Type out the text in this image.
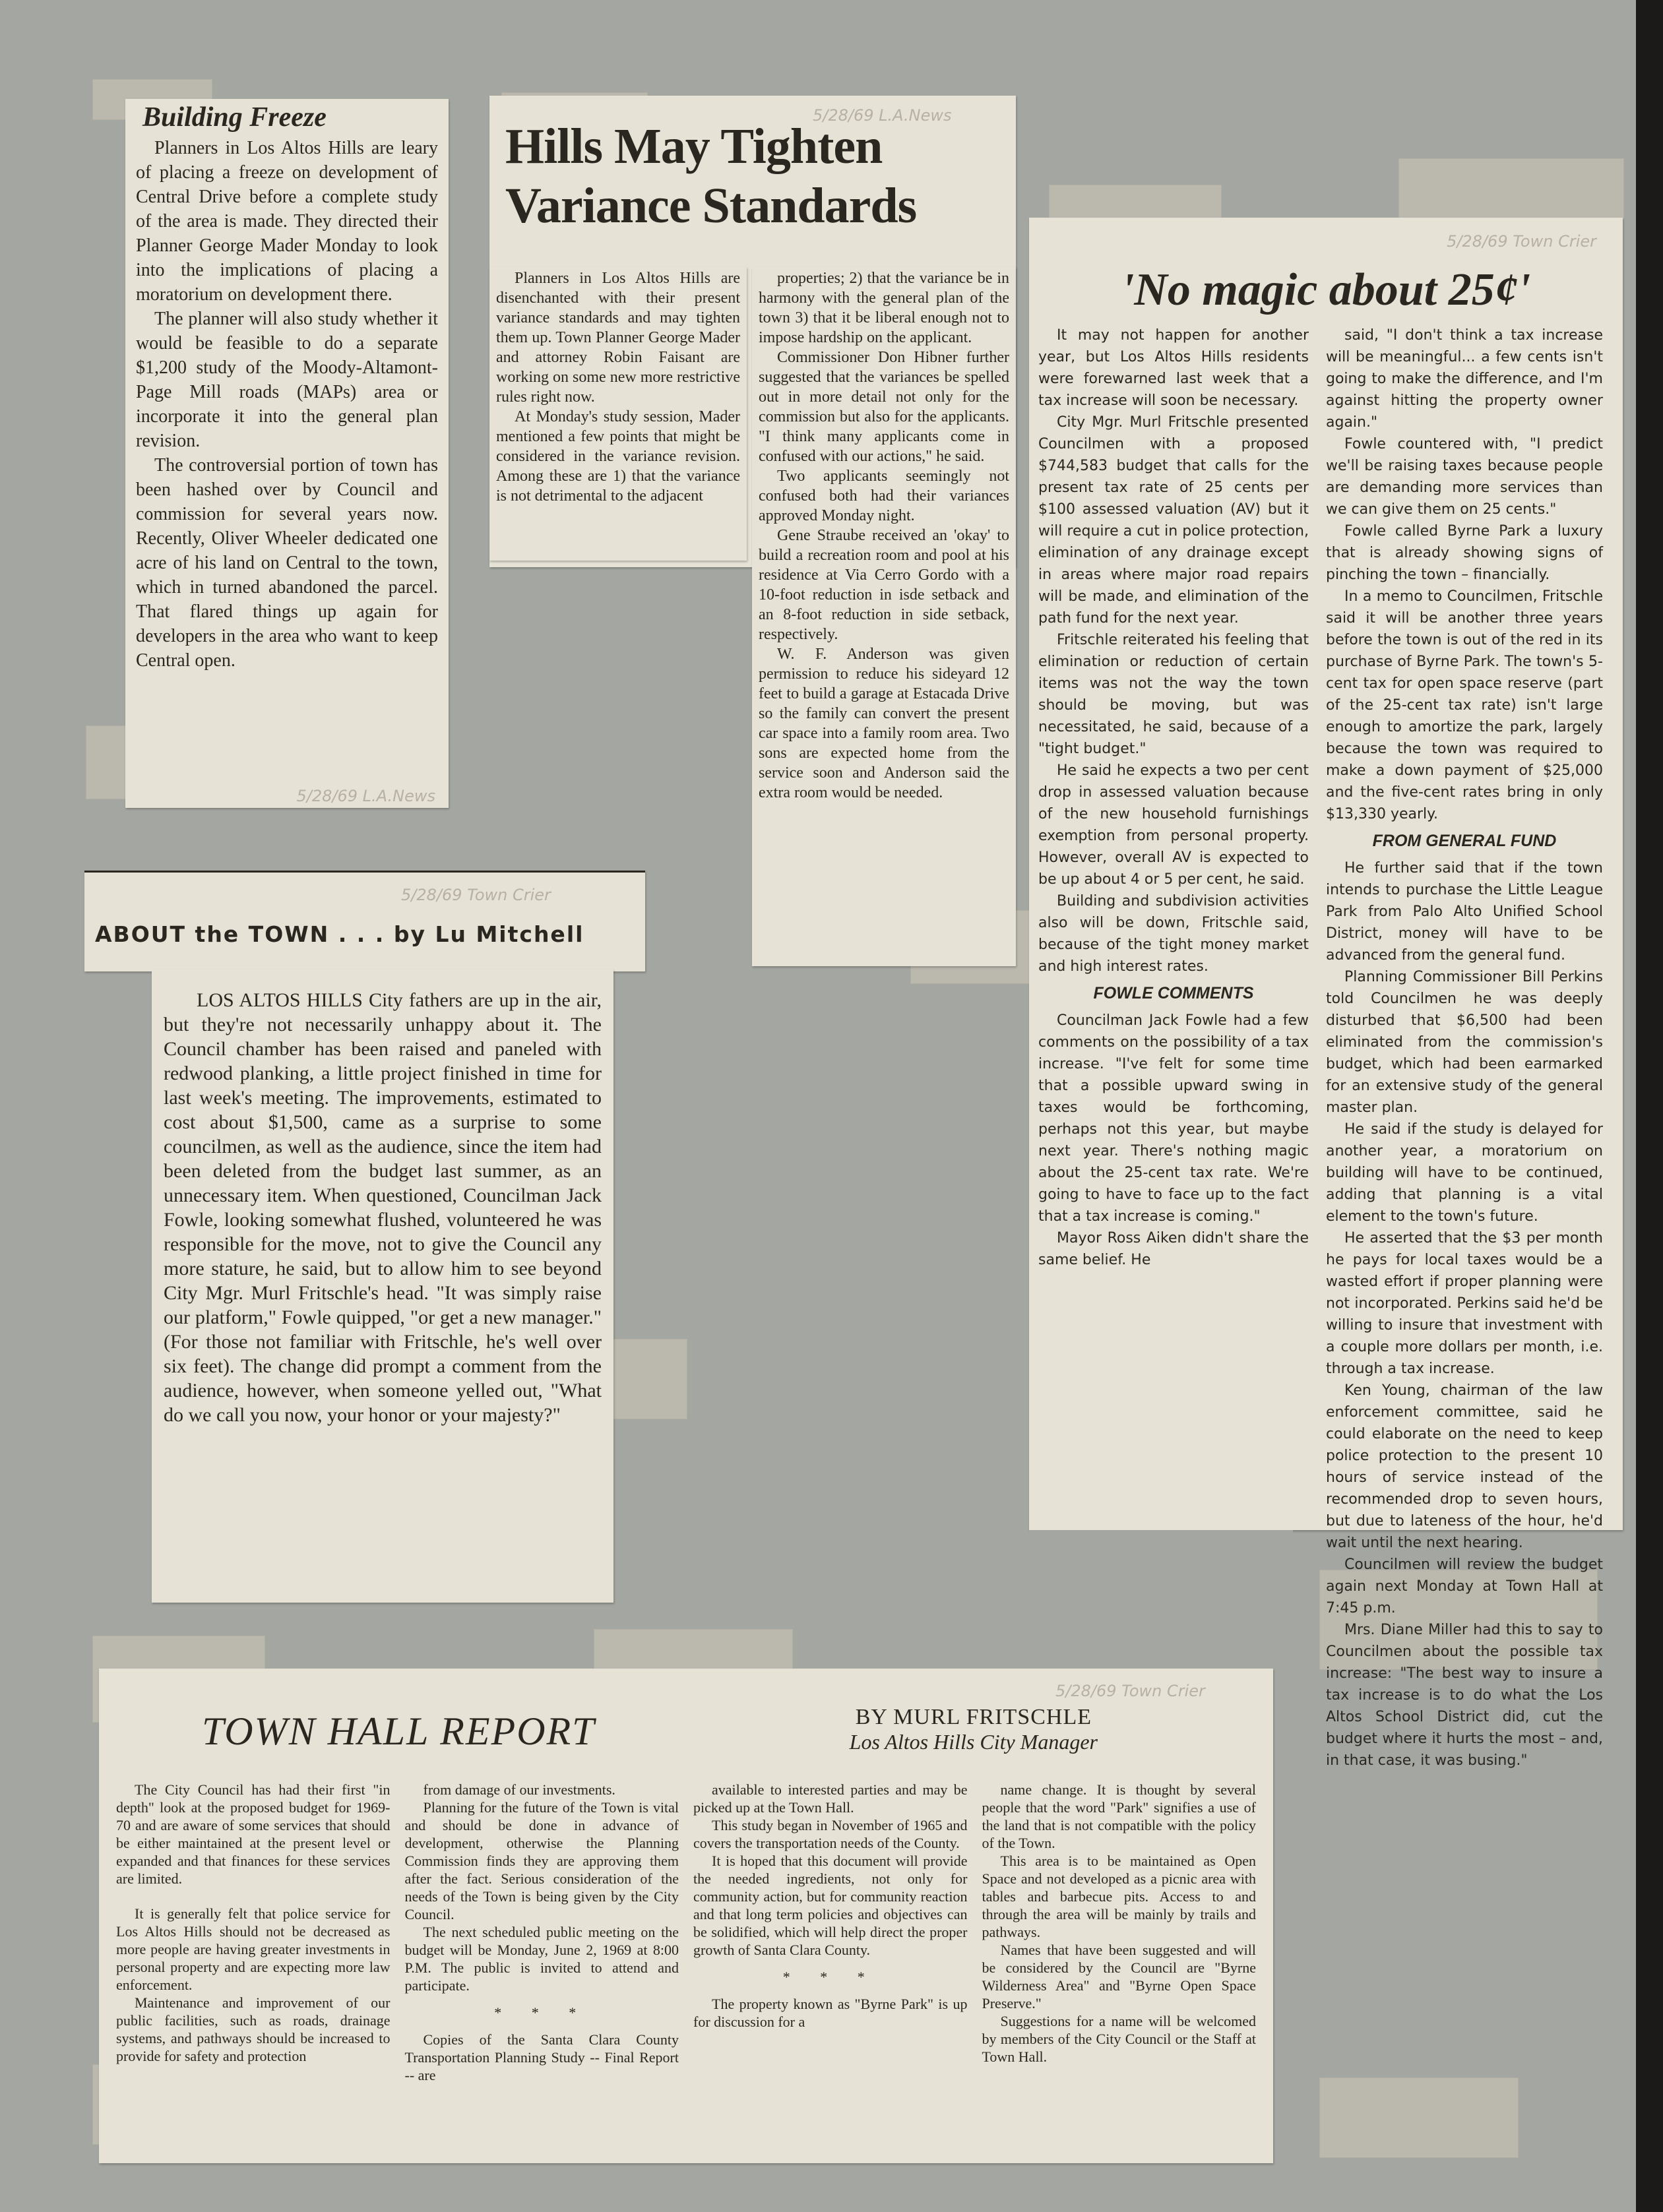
Building Freeze

Planners in Los Altos Hills are leary of placing a freeze on development of Central Drive before a complete study of the area is made. They directed their Planner George Mader Monday to look into the implications of placing a moratorium on development there.

The planner will also study whether it would be feasible to do a separate $1,200 study of the Moody-Altamont-Page Mill roads (MAPs) area or incorporate it into the general plan revision.

The controversial portion of town has been hashed over by Council and commission for several years now. Recently, Oliver Wheeler dedicated one acre of his land on Central to the town, which in turned abandoned the parcel. That flared things up again for developers in the area who want to keep Central open.

5/28/69 L.A.News
5/28/69 L.A.News
Hills May Tighten
Variance Standards

Planners in Los Altos Hills are disenchanted with their present variance standards and may tighten them up. Town Planner George Mader and attorney Robin Faisant are working on some new more restrictive rules right now.

At Monday's study session, Mader mentioned a few points that might be considered in the variance revision. Among these are 1) that the variance is not detrimental to the adjacent

properties; 2) that the variance be in harmony with the general plan of the town 3) that it be liberal enough not to impose hardship on the applicant.

Commissioner Don Hibner further suggested that the variances be spelled out in more detail not only for the commission but also for the applicants. "I think many applicants come in confused with our actions," he said.

Two applicants seemingly not confused both had their variances approved Monday night.

Gene Straube received an 'okay' to build a recreation room and pool at his residence at Via Cerro Gordo with a 10-foot reduction in isde setback and an 8-foot reduction in side setback, respectively.

W. F. Anderson was given permission to reduce his sideyard 12 feet to build a garage at Estacada Drive so the family can convert the present car space into a family room area. Two sons are expected home from the service soon and Anderson said the extra room would be needed.

5/28/69 Town Crier
'No magic about 25¢'

It may not happen for another year, but Los Altos Hills residents were forewarned last week that a tax increase will soon be necessary.

City Mgr. Murl Fritschle presented Councilmen with a proposed $744,583 budget that calls for the present tax rate of 25 cents per $100 assessed valuation (AV) but it will require a cut in police protection, elimination of any drainage except in areas where major road repairs will be made, and elimination of the path fund for the next year.

Fritschle reiterated his feeling that elimination or reduction of certain items was not the way the town should be moving, but was necessitated, he said, because of a "tight budget."

He said he expects a two per cent drop in assessed valuation because of the new household furnishings exemption from personal property. However, overall AV is expected to be up about 4 or 5 per cent, he said.

Building and subdivision activities also will be down, Fritschle said, because of the tight money market and high interest rates.

FOWLE COMMENTS

Councilman Jack Fowle had a few comments on the possibility of a tax increase. "I've felt for some time that a possible upward swing in taxes would be forthcoming, perhaps not this year, but maybe next year. There's nothing magic about the 25-cent tax rate. We're going to have to face up to the fact that a tax increase is coming."

Mayor Ross Aiken didn't share the same belief. He

said, "I don't think a tax increase will be meaningful... a few cents isn't going to make the difference, and I'm against hitting the property owner again."

Fowle countered with, "I predict we'll be raising taxes because people are demanding more services than we can give them on 25 cents."

Fowle called Byrne Park a luxury that is already showing signs of pinching the town – financially.

In a memo to Councilmen, Fritschle said it will be another three years before the town is out of the red in its purchase of Byrne Park. The town's 5-cent tax for open space reserve (part of the 25-cent tax rate) isn't large enough to amortize the park, largely because the town was required to make a down payment of $25,000 and the five-cent rates bring in only $13,330 yearly.

FROM GENERAL FUND

He further said that if the town intends to purchase the Little League Park from Palo Alto Unified School District, money will have to be advanced from the general fund.

Planning Commissioner Bill Perkins told Councilmen he was deeply disturbed that $6,500 had been eliminated from the commission's budget, which had been earmarked for an extensive study of the general master plan.

He said if the study is delayed for another year, a moratorium on building will have to be continued, adding that planning is a vital element to the town's future.

He asserted that the $3 per month he pays for local taxes would be a wasted effort if proper planning were not incorporated. Perkins said he'd be willing to insure that investment with a couple more dollars per month, i.e. through a tax increase.

Ken Young, chairman of the law enforcement committee, said he could elaborate on the need to keep police protection to the present 10 hours of service instead of the recommended drop to seven hours, but due to lateness of the hour, he'd wait until the next hearing.

Councilmen will review the budget again next Monday at Town Hall at 7:45 p.m.

Mrs. Diane Miller had this to say to Councilmen about the possible tax increase: "The best way to insure a tax increase is to do what the Los Altos School District did, cut the budget where it hurts the most – and, in that case, it was busing."

5/28/69 Town Crier
ABOUT the TOWN . . . by Lu Mitchell

LOS ALTOS HILLS City fathers are up in the air, but they're not necessarily unhappy about it. The Council chamber has been raised and paneled with redwood planking, a little project finished in time for last week's meeting. The improvements, estimated to cost about $1,500, came as a surprise to some councilmen, as well as the audience, since the item had been deleted from the budget last summer, as an unnecessary item. When questioned, Councilman Jack Fowle, looking somewhat flushed, volunteered he was responsible for the move, not to give the Council any more stature, he said, but to allow him to see beyond City Mgr. Murl Fritschle's head. "It was simply raise our platform," Fowle quipped, "or get a new manager." (For those not familiar with Fritschle, he's well over six feet). The change did prompt a comment from the audience, however, when someone yelled out, "What do we call you now, your honor or your majesty?"

5/28/69 Town Crier
TOWN HALL REPORT	BY MURL FRITSCHLE
Los Altos Hills City Manager

The City Council has had their first "in depth" look at the proposed budget for 1969-70 and are aware of some services that should be either maintained at the present level or expanded and that finances for these services are limited.

It is generally felt that police service for Los Altos Hills should not be decreased as more people are having greater investments in personal property and are expecting more law enforcement.

Maintenance and improvement of our public facilities, such as roads, drainage systems, and pathways should be increased to provide for safety and protection

from damage of our investments.

Planning for the future of the Town is vital and should be done in advance of development, otherwise the Planning Commission finds they are approving them after the fact. Serious consideration of the needs of the Town is being given by the City Council.

The next scheduled public meeting on the budget will be Monday, June 2, 1969 at 8:00 P.M. The public is invited to attend and participate.

* * *

Copies of the Santa Clara County Transportation Planning Study -- Final Report -- are

available to interested parties and may be picked up at the Town Hall.

This study began in November of 1965 and covers the transportation needs of the County.

It is hoped that this document will provide the needed ingredients, not only for community action, but for community reaction and that long term policies and objectives can be solidified, which will help direct the proper growth of Santa Clara County.

* * *

The property known as "Byrne Park" is up for discussion for a

name change. It is thought by several people that the word "Park" signifies a use of the land that is not compatible with the policy of the Town.

This area is to be maintained as Open Space and not developed as a picnic area with tables and barbecue pits. Access to and through the area will be mainly by trails and pathways.

Names that have been suggested and will be considered by the Council are "Byrne Wilderness Area" and "Byrne Open Space Preserve."

Suggestions for a name will be welcomed by members of the City Council or the Staff at Town Hall.
